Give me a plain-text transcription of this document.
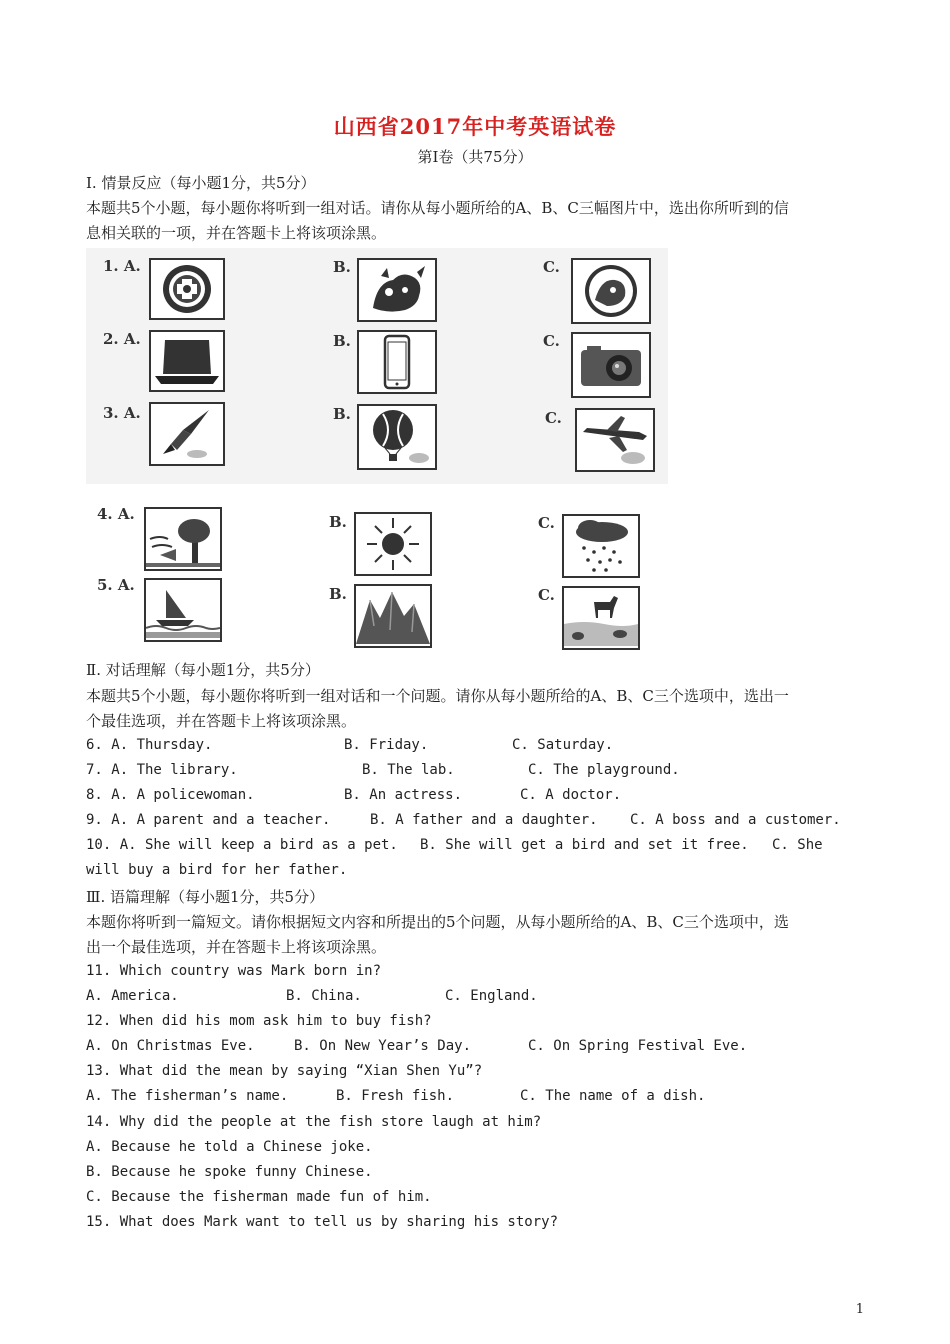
山西省2017年中考英语试卷
第Ⅰ卷（共75分）
Ⅰ. 情景反应（每小题1分，共5分）
本题共5个小题，每小题你将听到一组对话。请你从每小题所给的A、B、C三幅图片中，选出你所听到的信
息相关联的一项，并在答题卡上将该项涂黑。
1. A.	B.	C.
2. A.	B.	C.
3. A.	B.	C.
4. A.	B.	C.
5. A.	B.	C.
Ⅱ. 对话理解（每小题1分，共5分）
本题共5个小题，每小题你将听到一组对话和一个问题。请你从每小题所给的A、B、C三个选项中，选出一
个最佳选项，并在答题卡上将该项涂黑。
6. A. Thursday.	B. Friday.	C. Saturday.
7. A. The library.	B. The lab.	C. The playground.
8. A. A policewoman.	B. An actress.	C. A doctor.
9. A. A parent and a teacher.	B. A father and a daughter. C. A boss and a customer.
10. A. She will keep a bird as a pet. B. She will get a bird and set it free. C. She
will buy a bird for her father.
Ⅲ. 语篇理解（每小题1分，共5分）
本题你将听到一篇短文。请你根据短文内容和所提出的5个问题，从每小题所给的A、B、C三个选项中，选
出一个最佳选项，并在答题卡上将该项涂黑。
11. Which country was Mark born in?
A. America.	B. China.	C. England.
12. When did his mom ask him to buy fish?
A. On Christmas Eve.	B. On New Year’s Day.	C. On Spring Festival Eve.
13. What did the mean by saying “Xian Shen Yu”?
A. The fisherman’s name.	B. Fresh fish.	C. The name of a dish.
14. Why did the people at the fish store laugh at him?
A. Because he told a Chinese joke.
B. Because he spoke funny Chinese.
C. Because the fisherman made fun of him.
15. What does Mark want to tell us by sharing his story?
1
